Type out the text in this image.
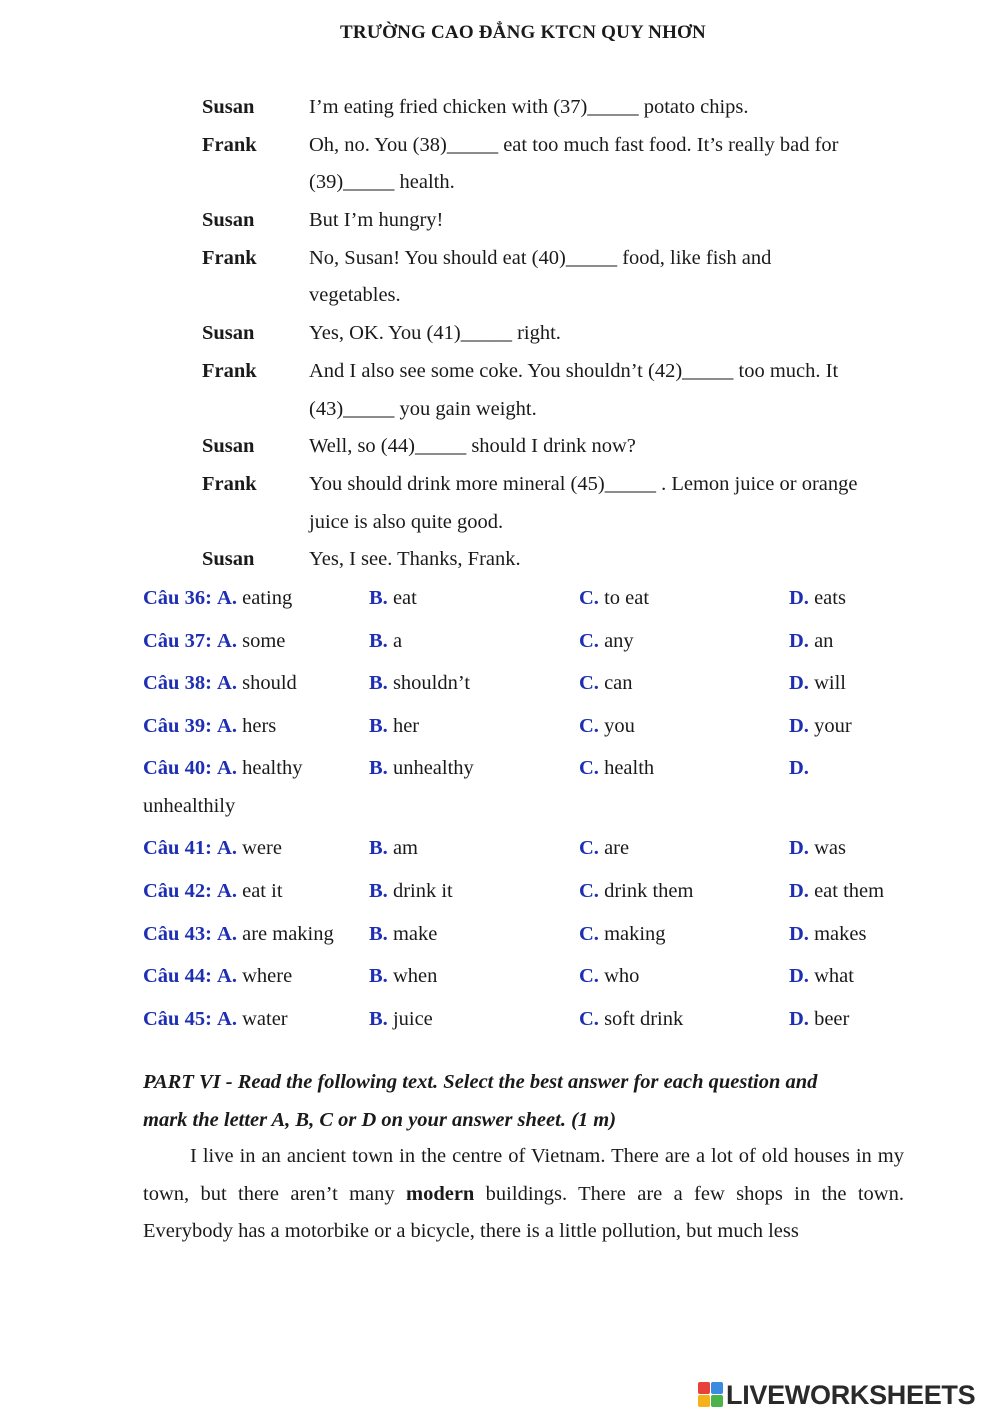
TRƯỜNG CAO ĐẲNG KTCN QUY NHƠN
Susan	I’m eating fried chicken with (37)_____ potato chips.
Frank	Oh, no. You (38)_____ eat too much fast food. It’s really bad for
(39)_____ health.
Susan	But I’m hungry!
Frank	No, Susan! You should eat (40)_____ food, like fish and
vegetables.
Susan	Yes, OK. You (41)_____ right.
Frank	And I also see some coke. You shouldn’t (42)_____ too much. It
(43)_____ you gain weight.
Susan	Well, so (44)_____ should I drink now?
Frank	You should drink more mineral (45)_____ . Lemon juice or orange
juice is also quite good.
Susan	Yes, I see. Thanks, Frank.
Câu 36: A. eating	B. eat	C. to eat	D. eats
Câu 37: A. some	B. a	C. any	D. an
Câu 38: A. should	B. shouldn’t	C. can	D. will
Câu 39: A. hers	B. her	C. you	D. your
Câu 40: A. healthy	B. unhealthy	C. health	D.
unhealthily
Câu 41: A. were	B. am	C. are	D. was
Câu 42: A. eat it	B. drink it	C. drink them	D. eat them
Câu 43: A. are making B. make	C. making	D. makes
Câu 44: A. where	B. when	C. who	D. what
Câu 45: A. water	B. juice	C. soft drink	D. beer
PART VI - Read the following text. Select the best answer for each question and
mark the letter A, B, C or D on your answer sheet. (1 m)
I live in an ancient town in the centre of Vietnam. There are a lot of old houses in my town, but there aren’t many modern buildings. There are a few shops in the town. Everybody has a motorbike or a bicycle, there is a little pollution, but much less
LIVEWORKSHEETS
